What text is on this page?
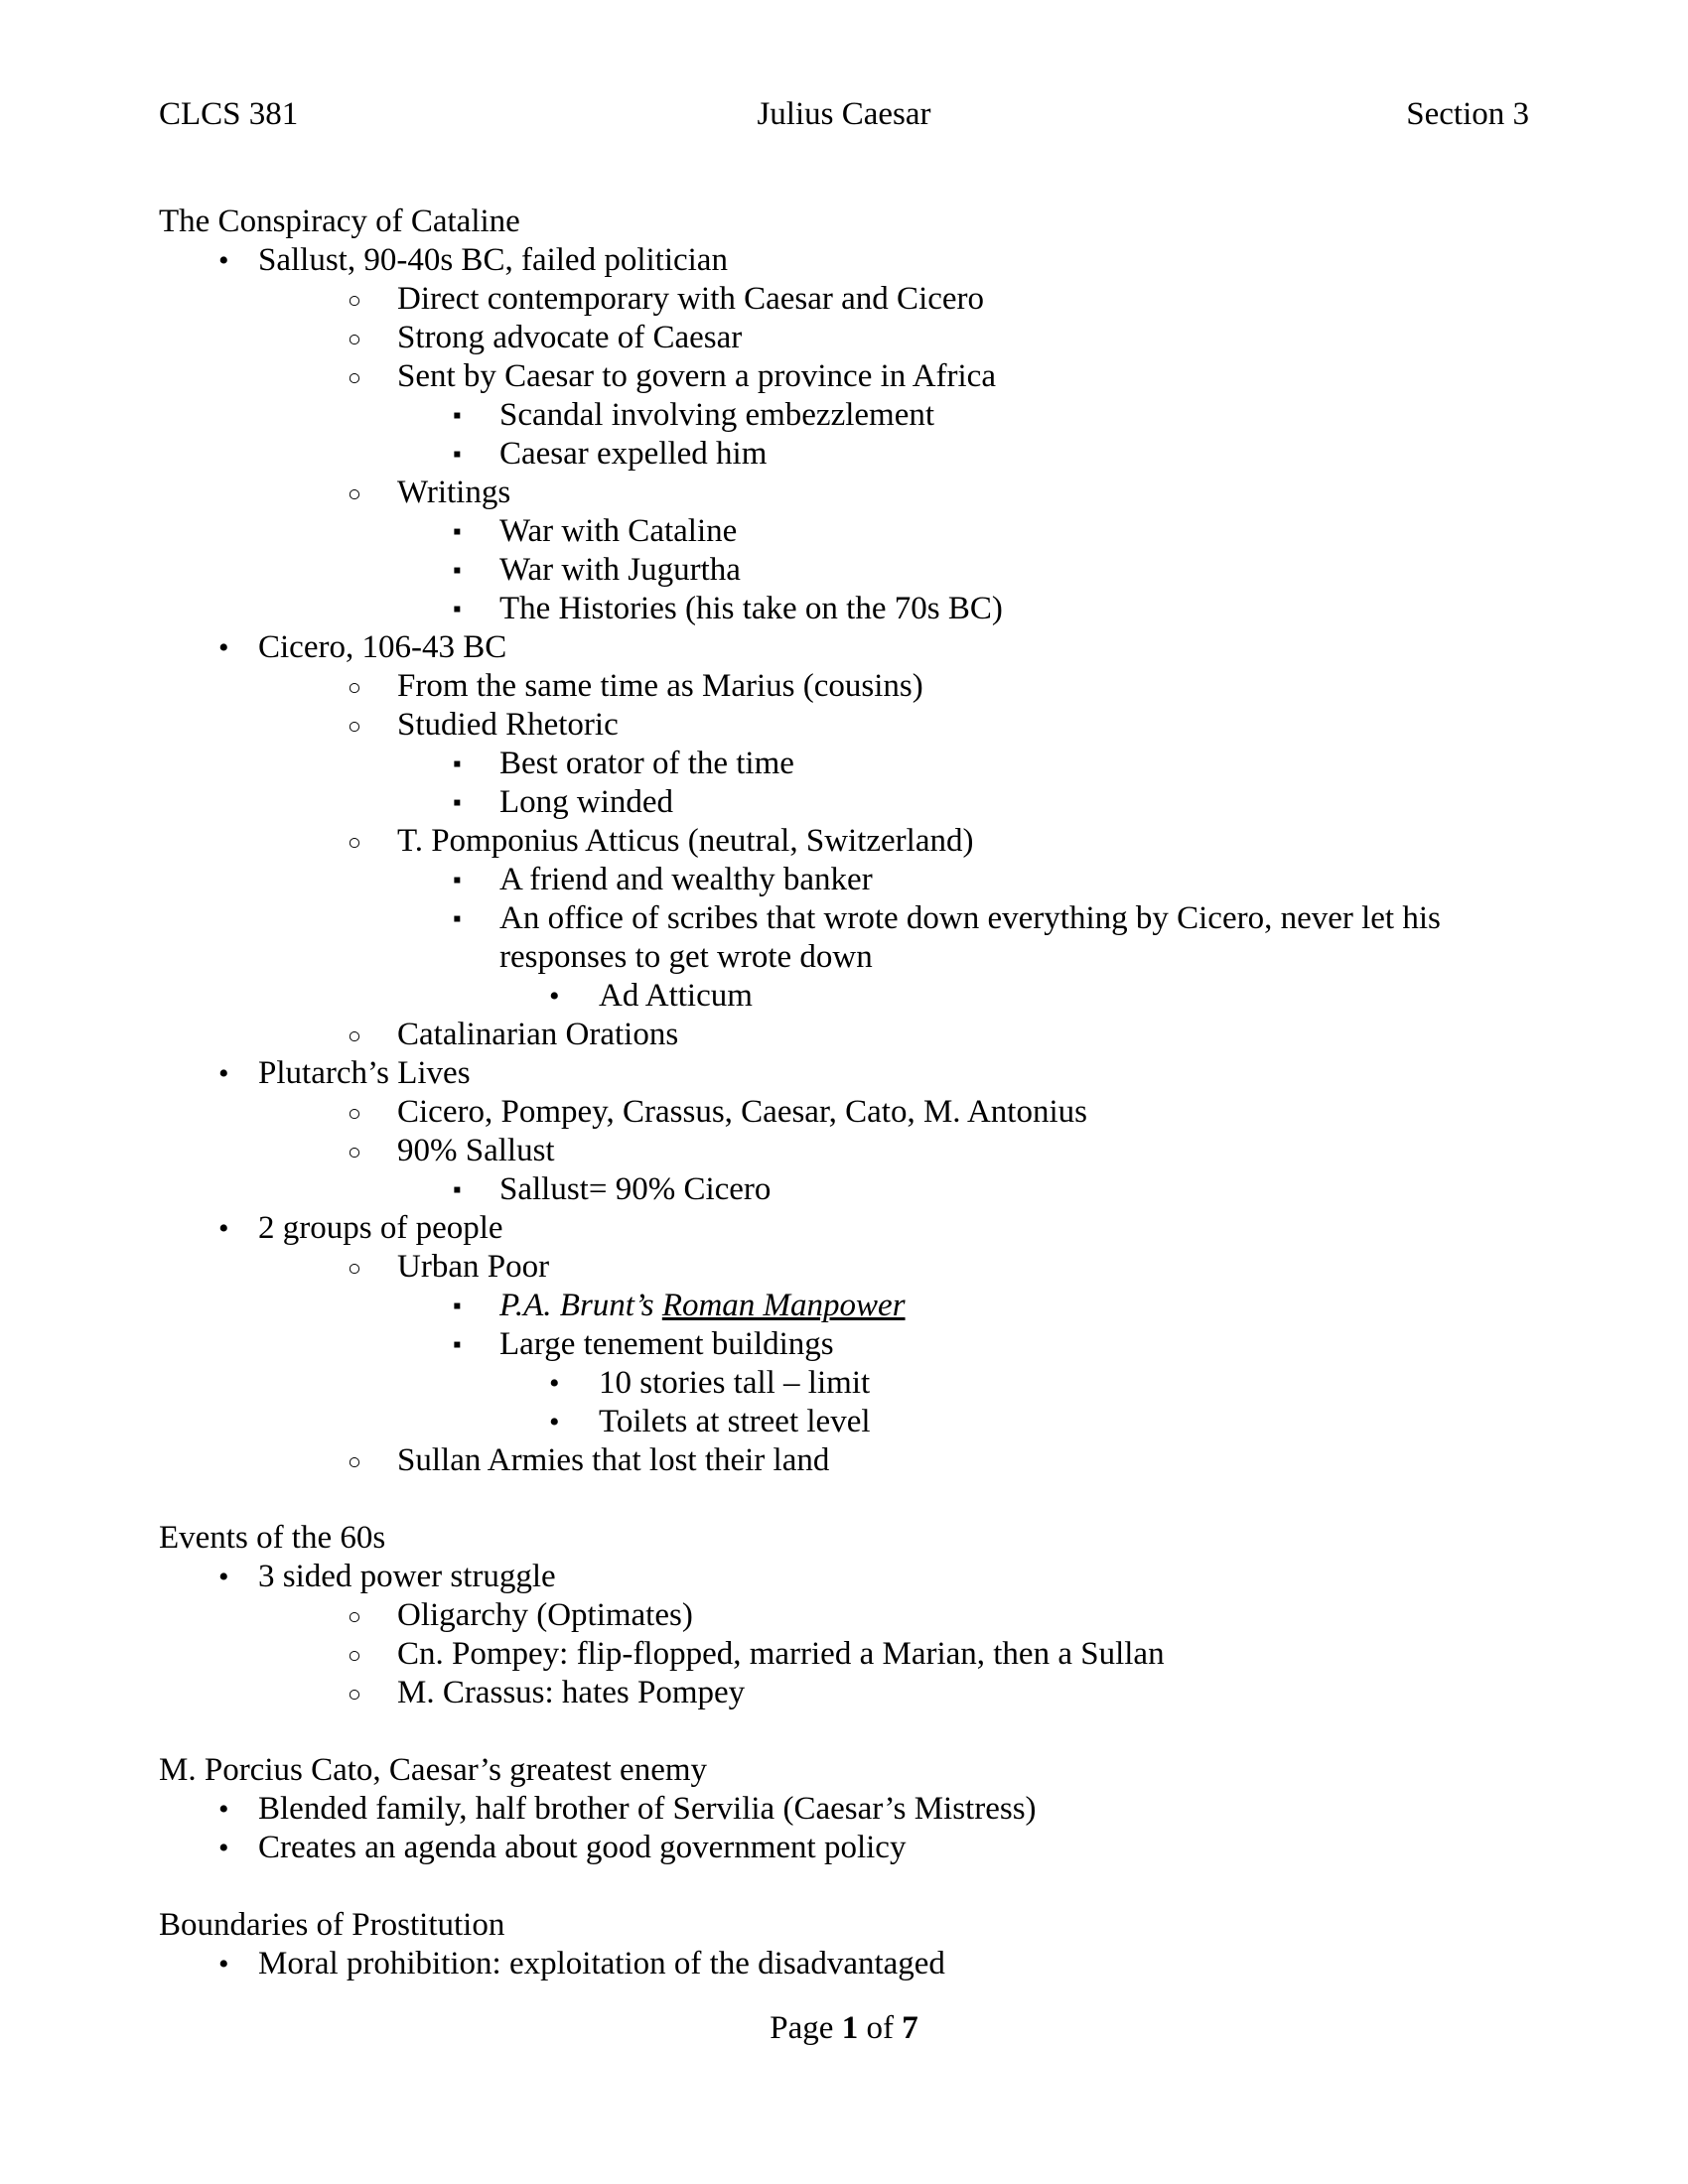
CLCS 381	Julius Caesar	Section 3
The Conspiracy of Cataline
• Sallust, 90-40s BC, failed politician
○ Direct contemporary with Caesar and Cicero
○ Strong advocate of Caesar
○ Sent by Caesar to govern a province in Africa
▪ Scandal involving embezzlement
▪ Caesar expelled him
○ Writings
▪ War with Cataline
▪ War with Jugurtha
▪ The Histories (his take on the 70s BC)
• Cicero, 106-43 BC
○ From the same time as Marius (cousins)
○ Studied Rhetoric
▪ Best orator of the time
▪ Long winded
○ T. Pomponius Atticus (neutral, Switzerland)
▪ A friend and wealthy banker
▪ An office of scribes that wrote down everything by Cicero, never let his responses to get wrote down
• Ad Atticum
○ Catalinarian Orations
• Plutarch’s Lives
○ Cicero, Pompey, Crassus, Caesar, Cato, M. Antonius
○ 90% Sallust
▪ Sallust= 90% Cicero
• 2 groups of people
○ Urban Poor
▪ P.A. Brunt’s Roman Manpower
▪ Large tenement buildings
• 10 stories tall – limit
• Toilets at street level
○ Sullan Armies that lost their land
Events of the 60s
• 3 sided power struggle
○ Oligarchy (Optimates)
○ Cn. Pompey: flip-flopped, married a Marian, then a Sullan
○ M. Crassus: hates Pompey
M. Porcius Cato, Caesar’s greatest enemy
• Blended family, half brother of Servilia (Caesar’s Mistress)
• Creates an agenda about good government policy
Boundaries of Prostitution
• Moral prohibition: exploitation of the disadvantaged
Page 1 of 7
